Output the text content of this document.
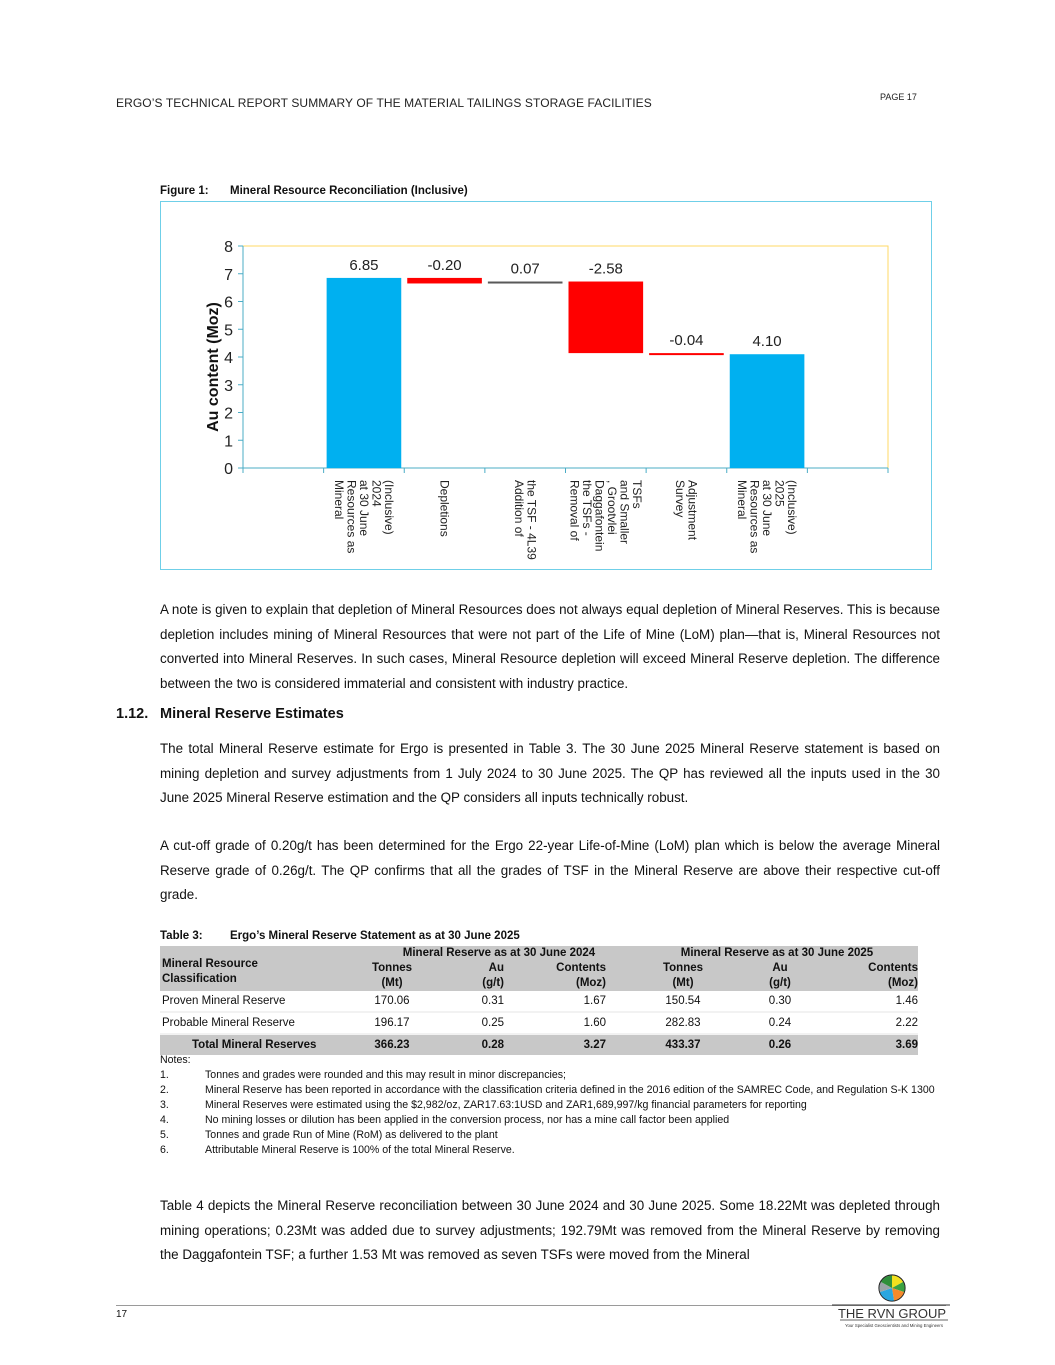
ERGO’S TECHNICAL REPORT SUMMARY OF THE MATERIAL TAILINGS STORAGE FACILITIES	PAGE 17
Figure 1: Mineral Resource Reconciliation (Inclusive)
0
1
2
3
4
5
6
7
8
6.85	-0.20	0.07	-2.58
-0.04	4.10
Mineral
Resources as
at 30 June
2024
(Inclusive)	Depletions	Addition of
the TSF - 4L39 Removal of
the TSFs -
Daggafontein
, Grootvlei
and Smaller
TSFs Survey
Adjustment	Mineral
Resources as
at 30 June
2025
(Inclusive)
Au content (Moz)
A note is given to explain that depletion of Mineral Resources does not always equal depletion of Mineral Reserves. This is because depletion includes mining of Mineral Resources that were not part of the Life of Mine (LoM) plan—that is, Mineral Resources not converted into Mineral Reserves. In such cases, Mineral Resource depletion will exceed Mineral Reserve depletion. The difference between the two is considered immaterial and consistent with industry practice.
1.12. Mineral Reserve Estimates
The total Mineral Reserve estimate for Ergo is presented in Table 3. The 30 June 2025 Mineral Reserve statement is based on mining depletion and survey adjustments from 1 July 2024 to 30 June 2025. The QP has reviewed all the inputs used in the 30 June 2025 Mineral Reserve estimation and the QP considers all inputs technically robust.
A cut-off grade of 0.20g/t has been determined for the Ergo 22-year Life-of-Mine (LoM) plan which is below the average Mineral Reserve grade of 0.26g/t. The QP confirms that all the grades of TSF in the Mineral Reserve are above their respective cut-off grade.
Table 3: Ergo’s Mineral Reserve Statement as at 30 June 2025
Mineral Resource Classification	Mineral Reserve as at 30 June 2024			Mineral Reserve as at 30 June 2025		
	Tonnes
(Mt)	Au
(g/t)	Contents
(Moz)	Tonnes
(Mt)	Au
(g/t)	Contents
(Moz)
Proven Mineral Reserve	170.06	0.31	1.67	150.54	0.30	1.46
Probable Mineral Reserve	196.17	0.25	1.60	282.83	0.24	2.22
Total Mineral Reserves	366.23	0.28	3.27	433.37	0.26	3.69
Notes:
1.	Tonnes and grades were rounded and this may result in minor discrepancies;
2.	Mineral Reserve has been reported in accordance with the classification criteria defined in the 2016 edition of the SAMREC Code, and Regulation S-K 1300
3.	Mineral Reserves were estimated using the $2,982/oz, ZAR17.63:1USD and ZAR1,689,997/kg financial parameters for reporting
4.	No mining losses or dilution has been applied in the conversion process, nor has a mine call factor been applied
5.	Tonnes and grade Run of Mine (RoM) as delivered to the plant
6.	Attributable Mineral Reserve is 100% of the total Mineral Reserve.
Table 4 depicts the Mineral Reserve reconciliation between 30 June 2024 and 30 June 2025. Some 18.22Mt was depleted through mining operations; 0.23Mt was added due to survey adjustments; 192.79Mt was removed from the Mineral Reserve by removing the Daggafontein TSF; a further 1.53 Mt was removed as seven TSFs were moved from the Mineral
17	THE RVN GROUP
Your Specialist Geoscientists and Mining Engineers
